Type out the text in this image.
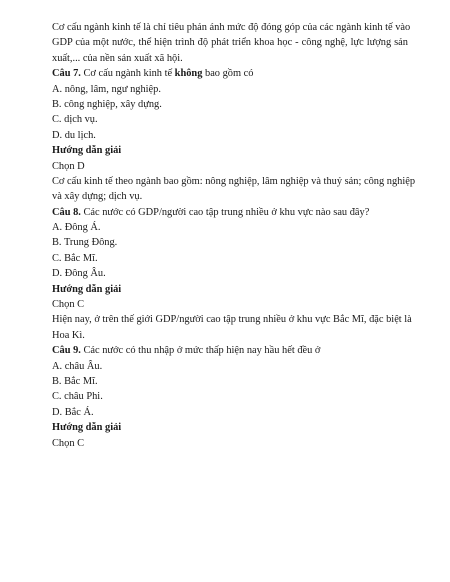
Cơ cấu ngành kinh tế là chỉ tiêu phản ánh mức độ đóng góp của các ngành kinh tế vào
GDP của một nước, thể hiện trình độ phát triển khoa học - công nghệ, lực lượng sản
xuất,... của nền sản xuất xã hội.
Câu 7. Cơ cấu ngành kinh tế không bao gồm có
A. nông, lâm, ngư nghiệp.
B. công nghiệp, xây dựng.
C. dịch vụ.
D. du lịch.
Hướng dẫn giải
Chọn D
Cơ cấu kinh tế theo ngành bao gồm: nông nghiệp, lâm nghiệp và thuỷ sản; công nghiệp
và xây dựng; dịch vụ.
Câu 8. Các nước có GDP/người cao tập trung nhiều ở khu vực nào sau đây?
A. Đông Á.
B. Trung Đông.
C. Bắc Mĩ.
D. Đông Âu.
Hướng dẫn giải
Chọn C
Hiện nay, ở trên thế giới GDP/người cao tập trung nhiều ở khu vực Bắc Mĩ, đặc biệt là
Hoa Kì.
Câu 9. Các nước có thu nhập ở mức thấp hiện nay hầu hết đều ở
A. châu Âu.
B. Bắc Mĩ.
C. châu Phi.
D. Bắc Á.
Hướng dẫn giải
Chọn C
